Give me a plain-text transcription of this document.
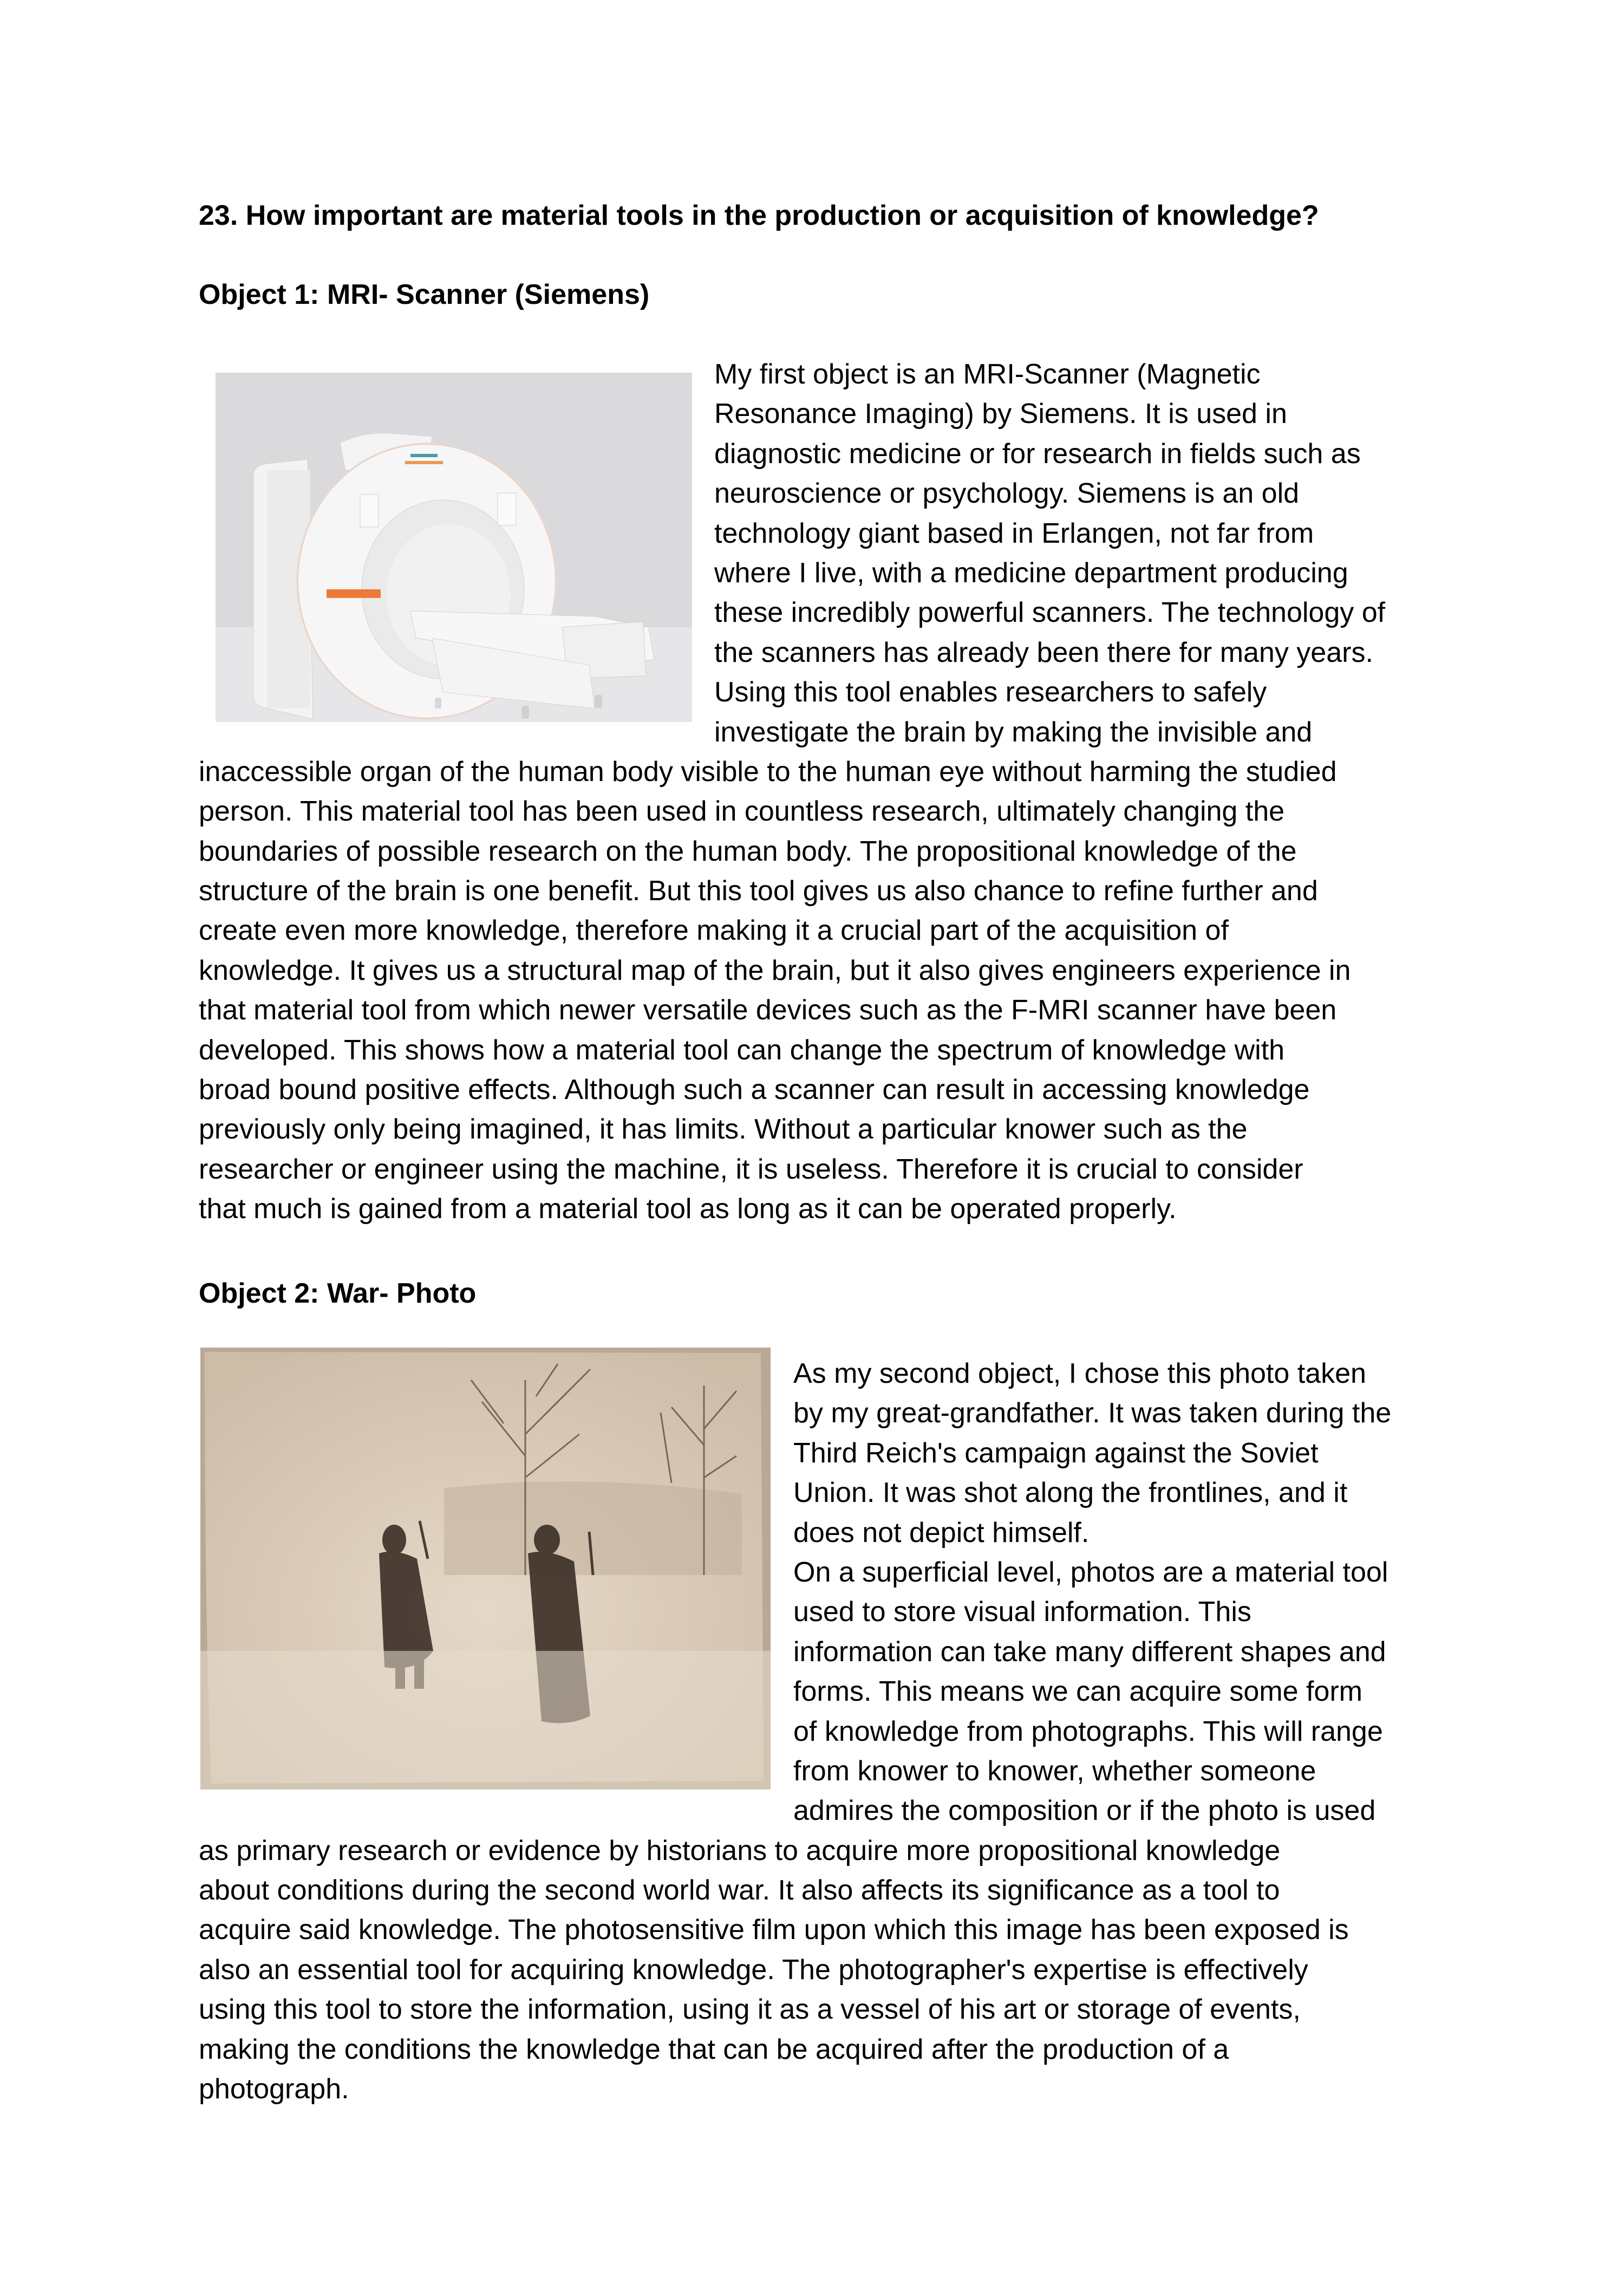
23. How important are material tools in the production or acquisition of knowledge?
Object 1: MRI- Scanner (Siemens)
My first object is an MRI-Scanner (Magnetic
Resonance Imaging) by Siemens. It is used in
diagnostic medicine or for research in fields such as
neuroscience or psychology. Siemens is an old
technology giant based in Erlangen, not far from
where I live, with a medicine department producing
these incredibly powerful scanners. The technology of
the scanners has already been there for many years.
Using this tool enables researchers to safely
investigate the brain by making the invisible and
inaccessible organ of the human body visible to the human eye without harming the studied
person. This material tool has been used in countless research, ultimately changing the
boundaries of possible research on the human body. The propositional knowledge of the
structure of the brain is one benefit. But this tool gives us also chance to refine further and
create even more knowledge, therefore making it a crucial part of the acquisition of
knowledge. It gives us a structural map of the brain, but it also gives engineers experience in
that material tool from which newer versatile devices such as the F-MRI scanner have been
developed. This shows how a material tool can change the spectrum of knowledge with
broad bound positive effects. Although such a scanner can result in accessing knowledge
previously only being imagined, it has limits. Without a particular knower such as the
researcher or engineer using the machine, it is useless. Therefore it is crucial to consider
that much is gained from a material tool as long as it can be operated properly.
Object 2: War- Photo
As my second object, I chose this photo taken
by my great-grandfather. It was taken during the
Third Reich's campaign against the Soviet
Union. It was shot along the frontlines, and it
does not depict himself.
On a superficial level, photos are a material tool
used to store visual information. This
information can take many different shapes and
forms. This means we can acquire some form
of knowledge from photographs. This will range
from knower to knower, whether someone
admires the composition or if the photo is used
as primary research or evidence by historians to acquire more propositional knowledge
about conditions during the second world war. It also affects its significance as a tool to
acquire said knowledge. The photosensitive film upon which this image has been exposed is
also an essential tool for acquiring knowledge. The photographer's expertise is effectively
using this tool to store the information, using it as a vessel of his art or storage of events,
making the conditions the knowledge that can be acquired after the production of a
photograph.
